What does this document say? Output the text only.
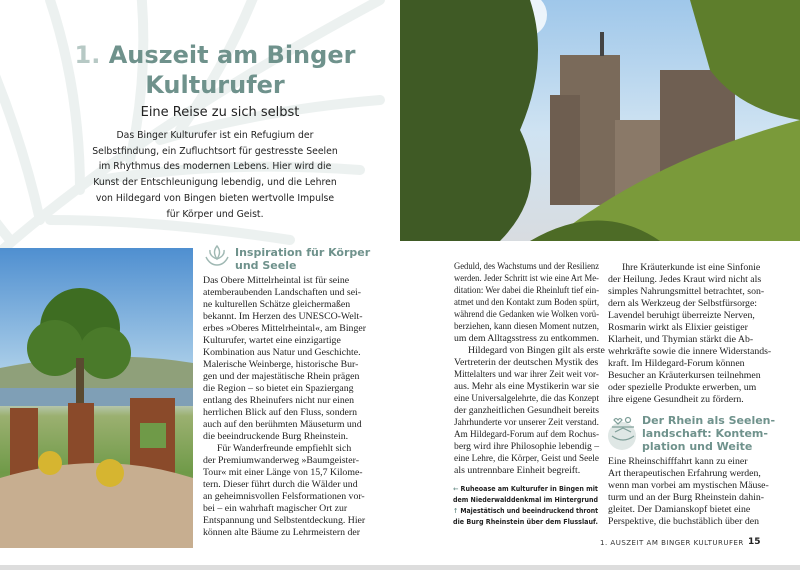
1. Auszeit am Binger
Kulturufer
Eine Reise zu sich selbst
Das Binger Kulturufer ist ein Refugium der
Selbstfindung, ein Zufluchtsort für gestresste Seelen
im Rhythmus des modernen Lebens. Hier wird die
Kunst der Entschleunigung lebendig, und die Lehren
von Hildegard von Bingen bieten wertvolle Impulse
für Körper und Geist.
Inspiration für Körper
und Seele
Das Obere Mittelrheintal ist für seine
atemberaubenden Landschaften und sei-
ne kulturellen Schätze gleichermaßen
bekannt. Im Herzen des UNESCO-Welt-
erbes »Oberes Mittelrheintal«, am Binger
Kulturufer, wartet eine einzigartige
Kombination aus Natur und Geschichte.
Malerische Weinberge, historische Bur-
gen und der majestätische Rhein prägen
die Region – so bietet ein Spaziergang
entlang des Rheinufers nicht nur einen
herrlichen Blick auf den Fluss, sondern
auch auf den berühmten Mäuseturm und
die beeindruckende Burg Rheinstein.
Für Wanderfreunde empfiehlt sich
der Premiumwanderweg »Baumgeister-
Tour« mit einer Länge von 15,7 Kilome-
tern. Dieser führt durch die Wälder und
an geheimnisvollen Felsformationen vor-
bei – ein wahrhaft magischer Ort zur
Entspannung und Selbstentdeckung. Hier
können alte Bäume zu Lehrmeistern der
Geduld, des Wachstums und der Resilienz
werden. Jeder Schritt ist wie eine Art Me-
ditation: Wer dabei die Rheinluft tief ein-
atmet und den Kontakt zum Boden spürt,
während die Gedanken wie Wolken vorü-
berziehen, kann diesen Moment nutzen,
um dem Alltagsstress zu entkommen.
Hildegard von Bingen gilt als erste
Vertreterin der deutschen Mystik des
Mittelalters und war ihrer Zeit weit vor-
aus. Mehr als eine Mystikerin war sie
eine Universalgelehrte, die das Konzept
der ganzheitlichen Gesundheit bereits
Jahrhunderte vor unserer Zeit verstand.
Am Hildegard-Forum auf dem Rochus-
berg wird ihre Philosophie lebendig –
eine Lehre, die Körper, Geist und Seele
als untrennbare Einheit begreift.
← Ruheoase am Kulturufer in Bingen mit
dem Niederwalddenkmal im Hintergrund
↑ Majestätisch und beeindruckend thront
die Burg Rheinstein über dem Flusslauf.
Ihre Kräuterkunde ist eine Sinfonie
der Heilung. Jedes Kraut wird nicht als
simples Nahrungsmittel betrachtet, son-
dern als Werkzeug der Selbstfürsorge:
Lavendel beruhigt überreizte Nerven,
Rosmarin wirkt als Elixier geistiger
Klarheit, und Thymian stärkt die Ab-
wehrkräfte sowie die innere Widerstands-
kraft. Im Hildegard-Forum können
Besucher an Kräuterkursen teilnehmen
oder spezielle Produkte erwerben, um
ihre eigene Gesundheit zu fördern.
Der Rhein als Seelen-
landschaft: Kontem-
plation und Weite
Eine Rheinschifffahrt kann zu einer
Art therapeutischen Erfahrung werden,
wenn man vorbei am mystischen Mäuse-
turm und an der Burg Rheinstein dahin-
gleitet. Der Damianskopf bietet eine
Perspektive, die buchstäblich über den
1. AUSZEIT AM BINGER KULTURUFER 15
